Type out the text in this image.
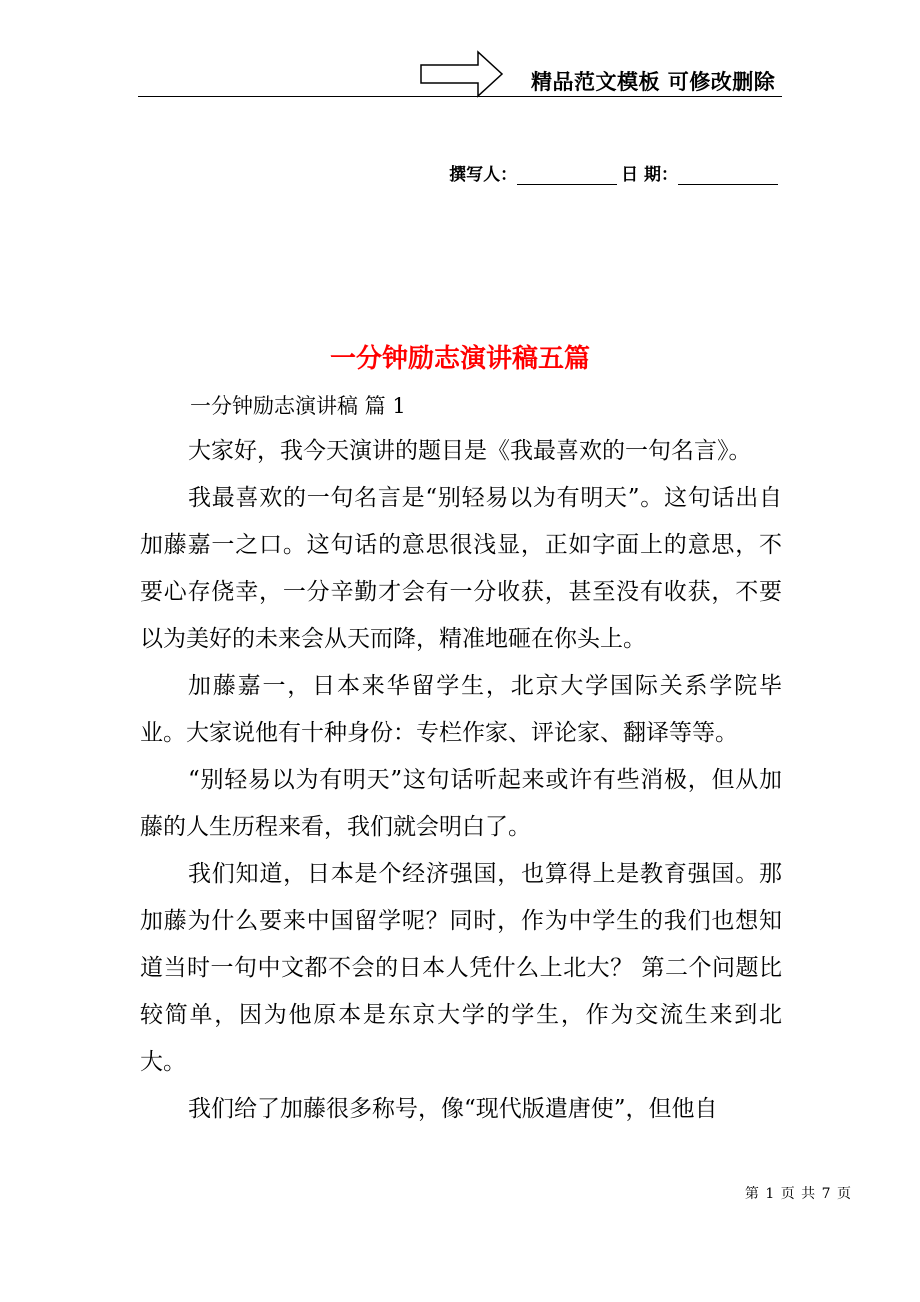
精品范文模板 可修改删除
撰写人：	日 期：
一分钟励志演讲稿五篇
一分钟励志演讲稿 篇 1

大家好，我今天演讲的题目是《我最喜欢的一句名言》。

我最喜欢的一句名言是“别轻易以为有明天”。这句话出自加藤嘉一之口。这句话的意思很浅显，正如字面上的意思，不要心存侥幸，一分辛勤才会有一分收获，甚至没有收获，不要以为美好的未来会从天而降，精准地砸在你头上。

加藤嘉一，日本来华留学生，北京大学国际关系学院毕业。大家说他有十种身份：专栏作家、评论家、翻译等等。

“别轻易以为有明天”这句话听起来或许有些消极，但从加藤的人生历程来看，我们就会明白了。

我们知道，日本是个经济强国，也算得上是教育强国。那加藤为什么要来中国留学呢？同时，作为中学生的我们也想知道当时一句中文都不会的日本人凭什么上北大？ 第二个问题比较简单，因为他原本是东京大学的学生，作为交流生来到北大。

我们给了加藤很多称号，像“现代版遣唐使”，但他自

第 1 页 共 7 页
